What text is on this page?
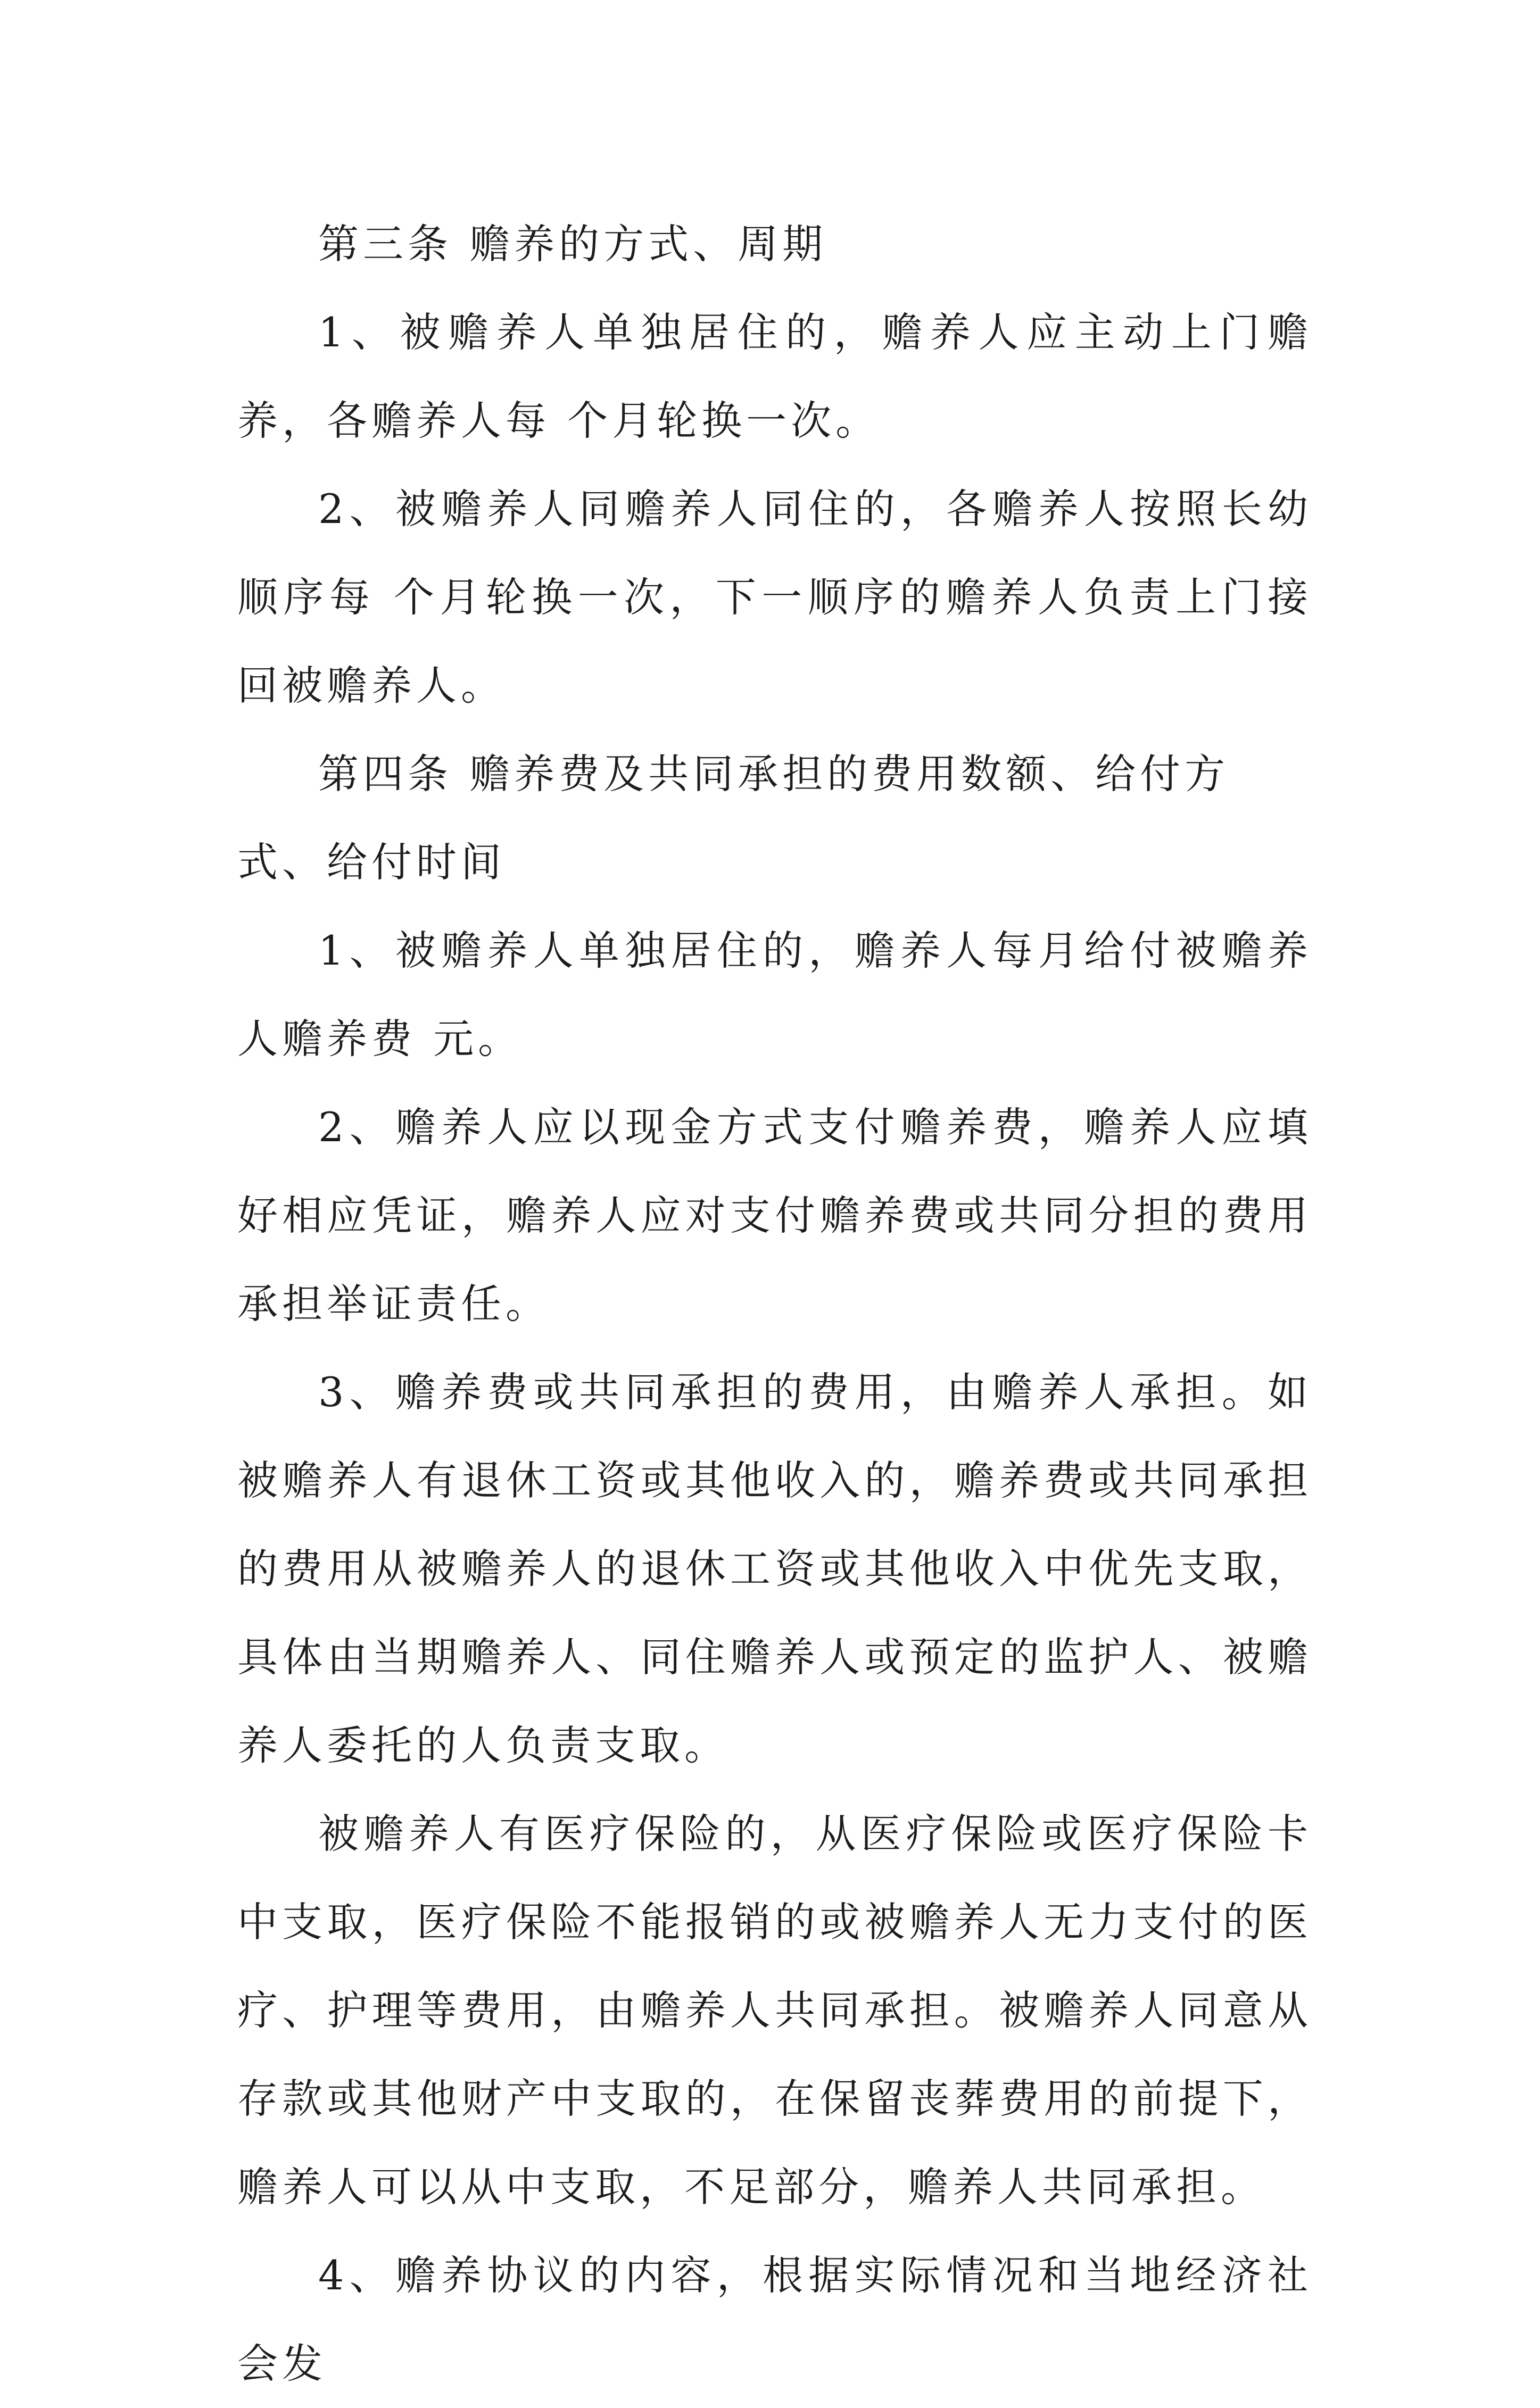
第三条 赡养的方式、周期

1、被赡养人单独居住的，赡养人应主动上门赡养，各赡养人每 个月轮换一次。

2、被赡养人同赡养人同住的，各赡养人按照长幼顺序每 个月轮换一次，下一顺序的赡养人负责上门接回被赡养人。

第四条 赡养费及共同承担的费用数额、给付方式、给付时间

1、被赡养人单独居住的，赡养人每月给付被赡养人赡养费 元。

2、赡养人应以现金方式支付赡养费，赡养人应填好相应凭证，赡养人应对支付赡养费或共同分担的费用承担举证责任。

3、赡养费或共同承担的费用，由赡养人承担。如被赡养人有退休工资或其他收入的，赡养费或共同承担的费用从被赡养人的退休工资或其他收入中优先支取，具体由当期赡养人、同住赡养人或预定的监护人、被赡养人委托的人负责支取。

被赡养人有医疗保险的，从医疗保险或医疗保险卡中支取，医疗保险不能报销的或被赡养人无力支付的医疗、护理等费用，由赡养人共同承担。被赡养人同意从存款或其他财产中支取的，在保留丧葬费用的前提下，赡养人可以从中支取，不足部分，赡养人共同承担。

4、赡养协议的内容，根据实际情况和当地经济社会发
